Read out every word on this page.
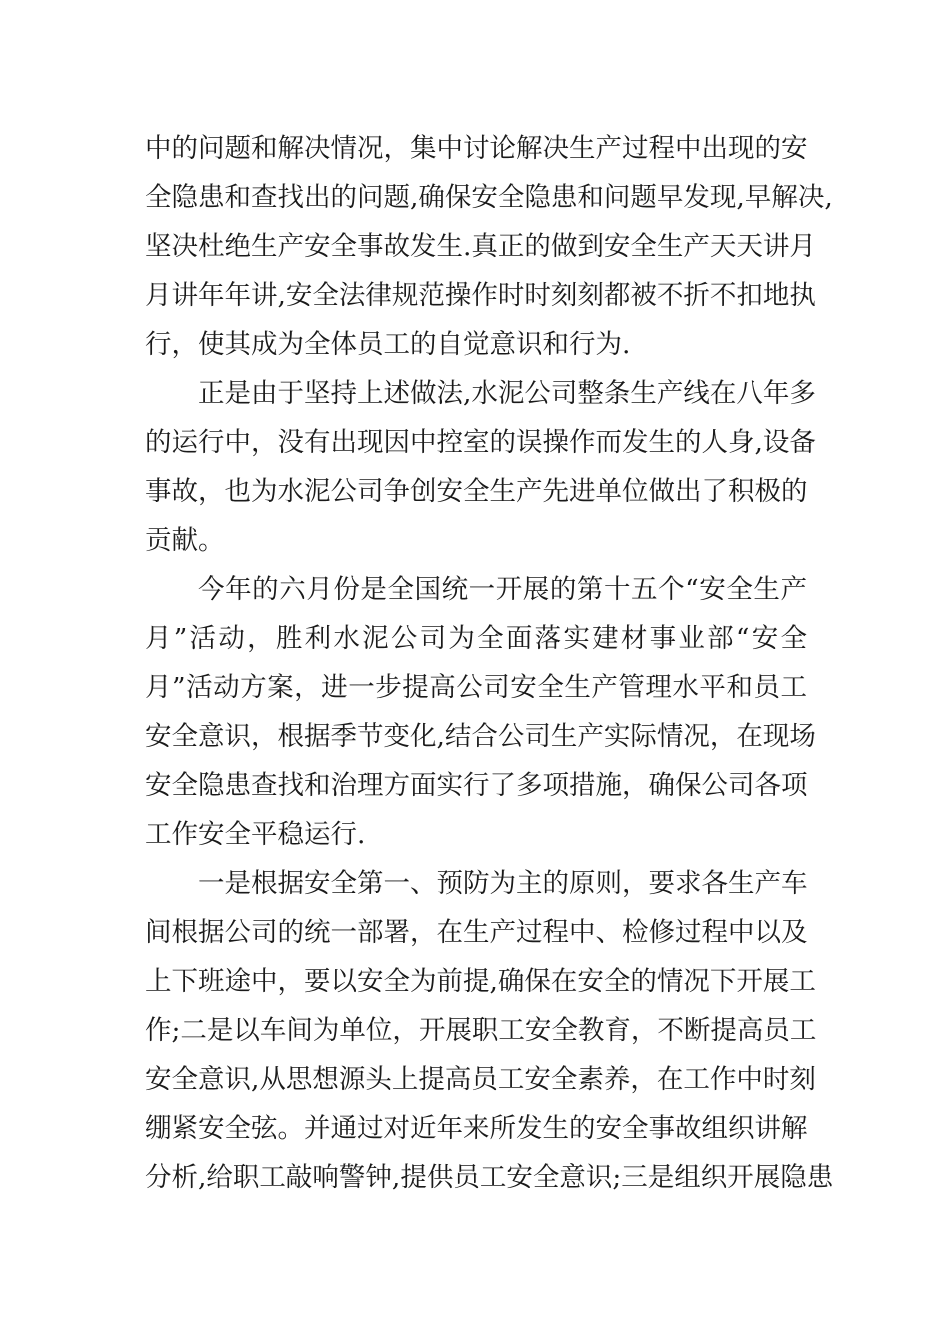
中的问题和解决情况，集中讨论解决生产过程中出现的安
全隐患和查找出的问题,确保安全隐患和问题早发现,早解决,
坚决杜绝生产安全事故发生.真正的做到安全生产天天讲月
月讲年年讲,安全法律规范操作时时刻刻都被不折不扣地执
行，使其成为全体员工的自觉意识和行为.
正是由于坚持上述做法,水泥公司整条生产线在八年多
的运行中，没有出现因中控室的误操作而发生的人身,设备
事故，也为水泥公司争创安全生产先进单位做出了积极的
贡献。
今年的六月份是全国统一开展的第十五个“安全生产
月”活动，胜利水泥公司为全面落实建材事业部“安全
月”活动方案，进一步提高公司安全生产管理水平和员工
安全意识，根据季节变化,结合公司生产实际情况，在现场
安全隐患查找和治理方面实行了多项措施，确保公司各项
工作安全平稳运行.
一是根据安全第一、预防为主的原则，要求各生产车
间根据公司的统一部署，在生产过程中、检修过程中以及
上下班途中，要以安全为前提,确保在安全的情况下开展工
作;二是以车间为单位，开展职工安全教育，不断提高员工
安全意识,从思想源头上提高员工安全素养，在工作中时刻
绷紧安全弦。并通过对近年来所发生的安全事故组织讲解
分析,给职工敲响警钟,提供员工安全意识;三是组织开展隐患
